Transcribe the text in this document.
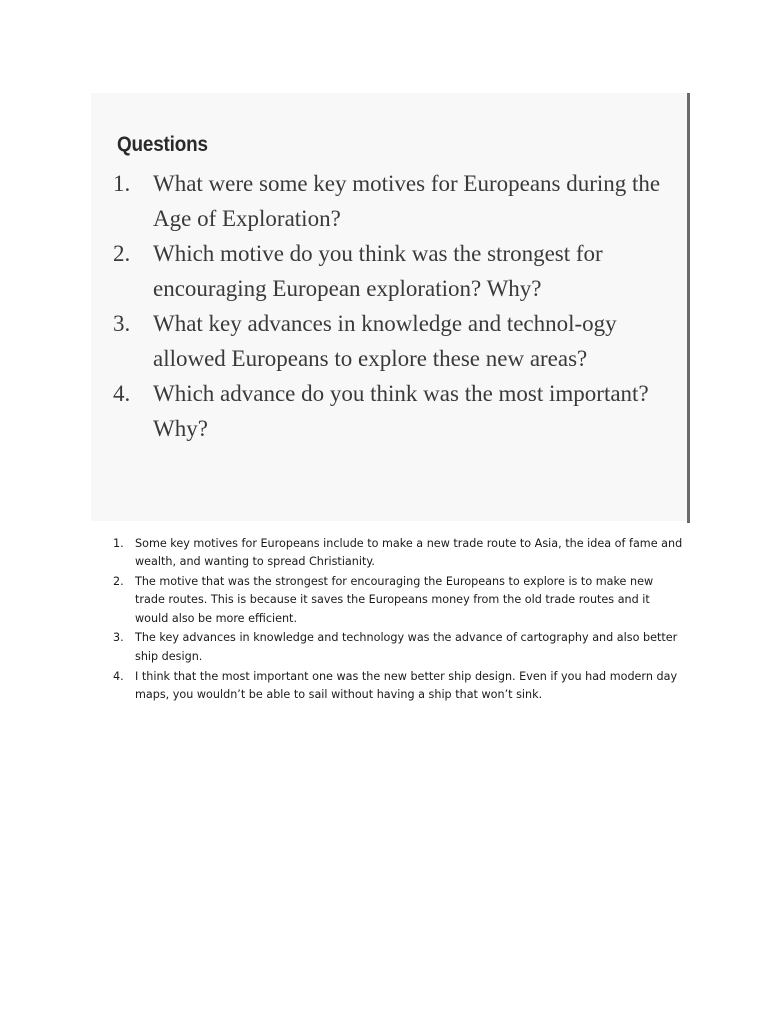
Questions
1. What were some key motives for Europeans during the Age of Exploration?
2. Which motive do you think was the strongest for encouraging European exploration? Why?
3. What key advances in knowledge and technol-ogy allowed Europeans to explore these new areas?
4. Which advance do you think was the most important? Why?
1. Some key motives for Europeans include to make a new trade route to Asia, the idea of fame and wealth, and wanting to spread Christianity.
2. The motive that was the strongest for encouraging the Europeans to explore is to make new trade routes. This is because it saves the Europeans money from the old trade routes and it would also be more efficient.
3. The key advances in knowledge and technology was the advance of cartography and also better ship design.
4. I think that the most important one was the new better ship design. Even if you had modern day maps, you wouldn’t be able to sail without having a ship that won’t sink.
